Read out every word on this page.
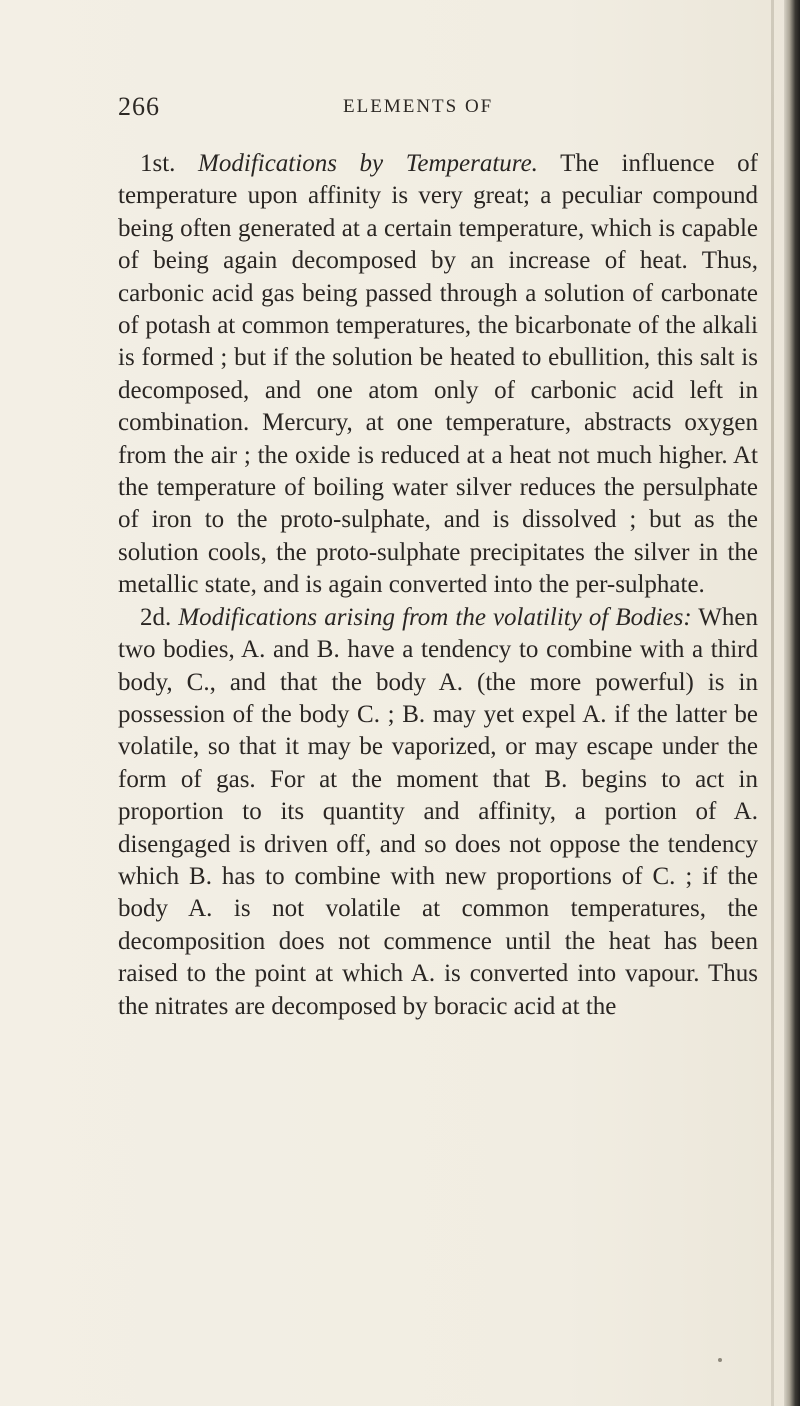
266	ELEMENTS OF

1st. Modifications by Temperature. The influence of temperature upon affinity is very great; a peculiar compound being often generated at a certain temperature, which is capable of being again decomposed by an increase of heat. Thus, carbonic acid gas being passed through a solution of carbonate of potash at common temperatures, the bicarbonate of the alkali is formed ; but if the solution be heated to ebullition, this salt is decomposed, and one atom only of carbonic acid left in combination. Mercury, at one temperature, abstracts oxygen from the air ; the oxide is reduced at a heat not much higher. At the temperature of boiling water silver reduces the persulphate of iron to the proto-sulphate, and is dissolved ; but as the solution cools, the proto-sulphate precipitates the silver in the metallic state, and is again converted into the per-sulphate.

2d. Modifications arising from the volatility of Bodies: When two bodies, A. and B. have a tendency to combine with a third body, C., and that the body A. (the more powerful) is in possession of the body C. ; B. may yet expel A. if the latter be volatile, so that it may be vaporized, or may escape under the form of gas. For at the moment that B. begins to act in proportion to its quantity and affinity, a portion of A. disengaged is driven off, and so does not oppose the tendency which B. has to combine with new proportions of C. ; if the body A. is not volatile at common temperatures, the decomposition does not commence until the heat has been raised to the point at which A. is converted into vapour. Thus the nitrates are decomposed by boracic acid at the
